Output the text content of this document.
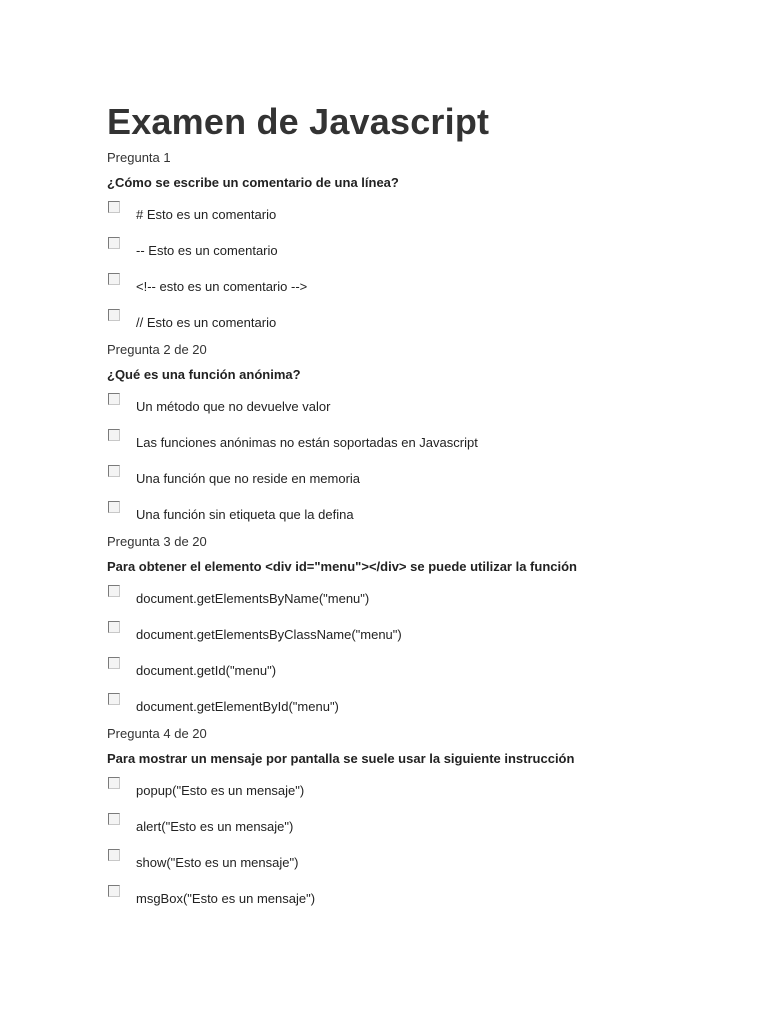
Examen de Javascript
Pregunta 1
¿Cómo se escribe un comentario de una línea?
# Esto es un comentario
-- Esto es un comentario
<!-- esto es un comentario -->
// Esto es un comentario
Pregunta 2 de 20
¿Qué es una función anónima?
Un método que no devuelve valor
Las funciones anónimas no están soportadas en Javascript
Una función que no reside en memoria
Una función sin etiqueta que la defina
Pregunta 3 de 20
Para obtener el elemento <div id="menu"></div> se puede utilizar la función
document.getElementsByName("menu")
document.getElementsByClassName("menu")
document.getId("menu")
document.getElementById("menu")
Pregunta 4 de 20
Para mostrar un mensaje por pantalla se suele usar la siguiente instrucción
popup("Esto es un mensaje")
alert("Esto es un mensaje")
show("Esto es un mensaje")
msgBox("Esto es un mensaje")
